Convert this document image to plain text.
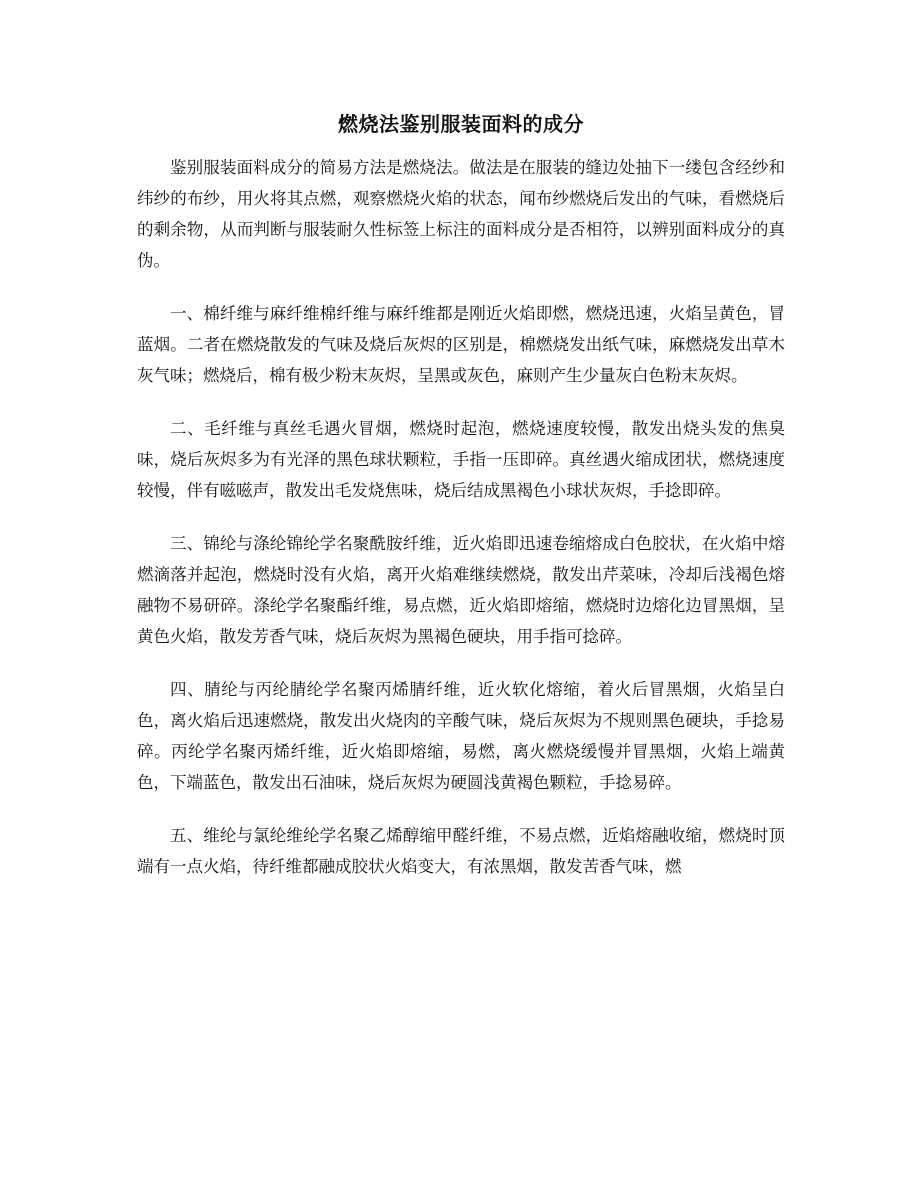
燃烧法鉴别服装面料的成分

鉴别服装面料成分的简易方法是燃烧法。做法是在服装的缝边处抽下一缕包含经纱和纬纱的布纱，用火将其点燃，观察燃烧火焰的状态，闻布纱燃烧后发出的气味，看燃烧后的剩余物，从而判断与服装耐久性标签上标注的面料成分是否相符，以辨别面料成分的真伪。

一、棉纤维与麻纤维棉纤维与麻纤维都是刚近火焰即燃，燃烧迅速，火焰呈黄色，冒蓝烟。二者在燃烧散发的气味及烧后灰烬的区别是，棉燃烧发出纸气味，麻燃烧发出草木灰气味；燃烧后，棉有极少粉末灰烬，呈黑或灰色，麻则产生少量灰白色粉末灰烬。

二、毛纤维与真丝毛遇火冒烟，燃烧时起泡，燃烧速度较慢，散发出烧头发的焦臭味，烧后灰烬多为有光泽的黑色球状颗粒，手指一压即碎。真丝遇火缩成团状，燃烧速度较慢，伴有嗞嗞声，散发出毛发烧焦味，烧后结成黑褐色小球状灰烬，手捻即碎。

三、锦纶与涤纶锦纶学名聚酰胺纤维，近火焰即迅速卷缩熔成白色胶状，在火焰中熔燃滴落并起泡，燃烧时没有火焰，离开火焰难继续燃烧，散发出芹菜味，冷却后浅褐色熔融物不易研碎。涤纶学名聚酯纤维，易点燃，近火焰即熔缩，燃烧时边熔化边冒黑烟，呈黄色火焰，散发芳香气味，烧后灰烬为黑褐色硬块，用手指可捻碎。

四、腈纶与丙纶腈纶学名聚丙烯腈纤维，近火软化熔缩，着火后冒黑烟，火焰呈白色，离火焰后迅速燃烧，散发出火烧肉的辛酸气味，烧后灰烬为不规则黑色硬块，手捻易碎。丙纶学名聚丙烯纤维，近火焰即熔缩，易燃，离火燃烧缓慢并冒黑烟，火焰上端黄色，下端蓝色，散发出石油味，烧后灰烬为硬圆浅黄褐色颗粒，手捻易碎。

五、维纶与氯纶维纶学名聚乙烯醇缩甲醛纤维，不易点燃，近焰熔融收缩，燃烧时顶端有一点火焰，待纤维都融成胶状火焰变大，有浓黑烟，散发苦香气味，燃
